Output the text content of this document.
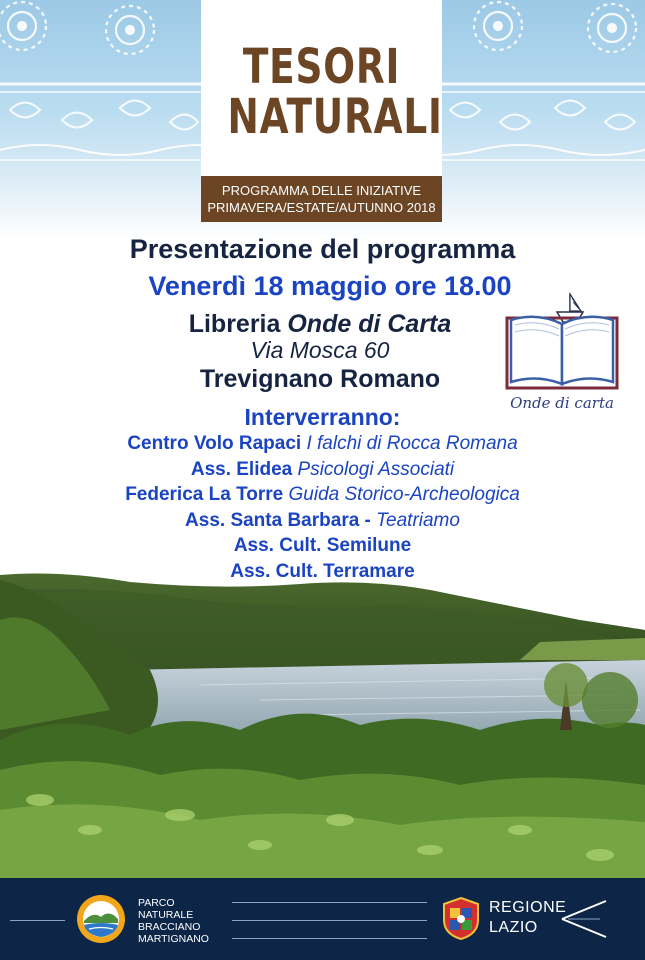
TESORI
NATURALI
PROGRAMMA DELLE INIZIATIVE
PRIMAVERA/ESTATE/AUTUNNO 2018
Presentazione del programma
Venerdì 18 maggio ore 18.00
Libreria Onde di Carta
Via Mosca 60
Trevignano Romano
Onde di carta
Interverranno:
Centro Volo Rapaci I falchi di Rocca Romana
Ass. Elidea Psicologi Associati
Federica La Torre Guida Storico-Archeologica
Ass. Santa Barbara - Teatriamo
Ass. Cult. Semilune
Ass. Cult. Terramare
PARCO
NATURALE
BRACCIANO
MARTIGNANO
REGIONE
LAZIO
